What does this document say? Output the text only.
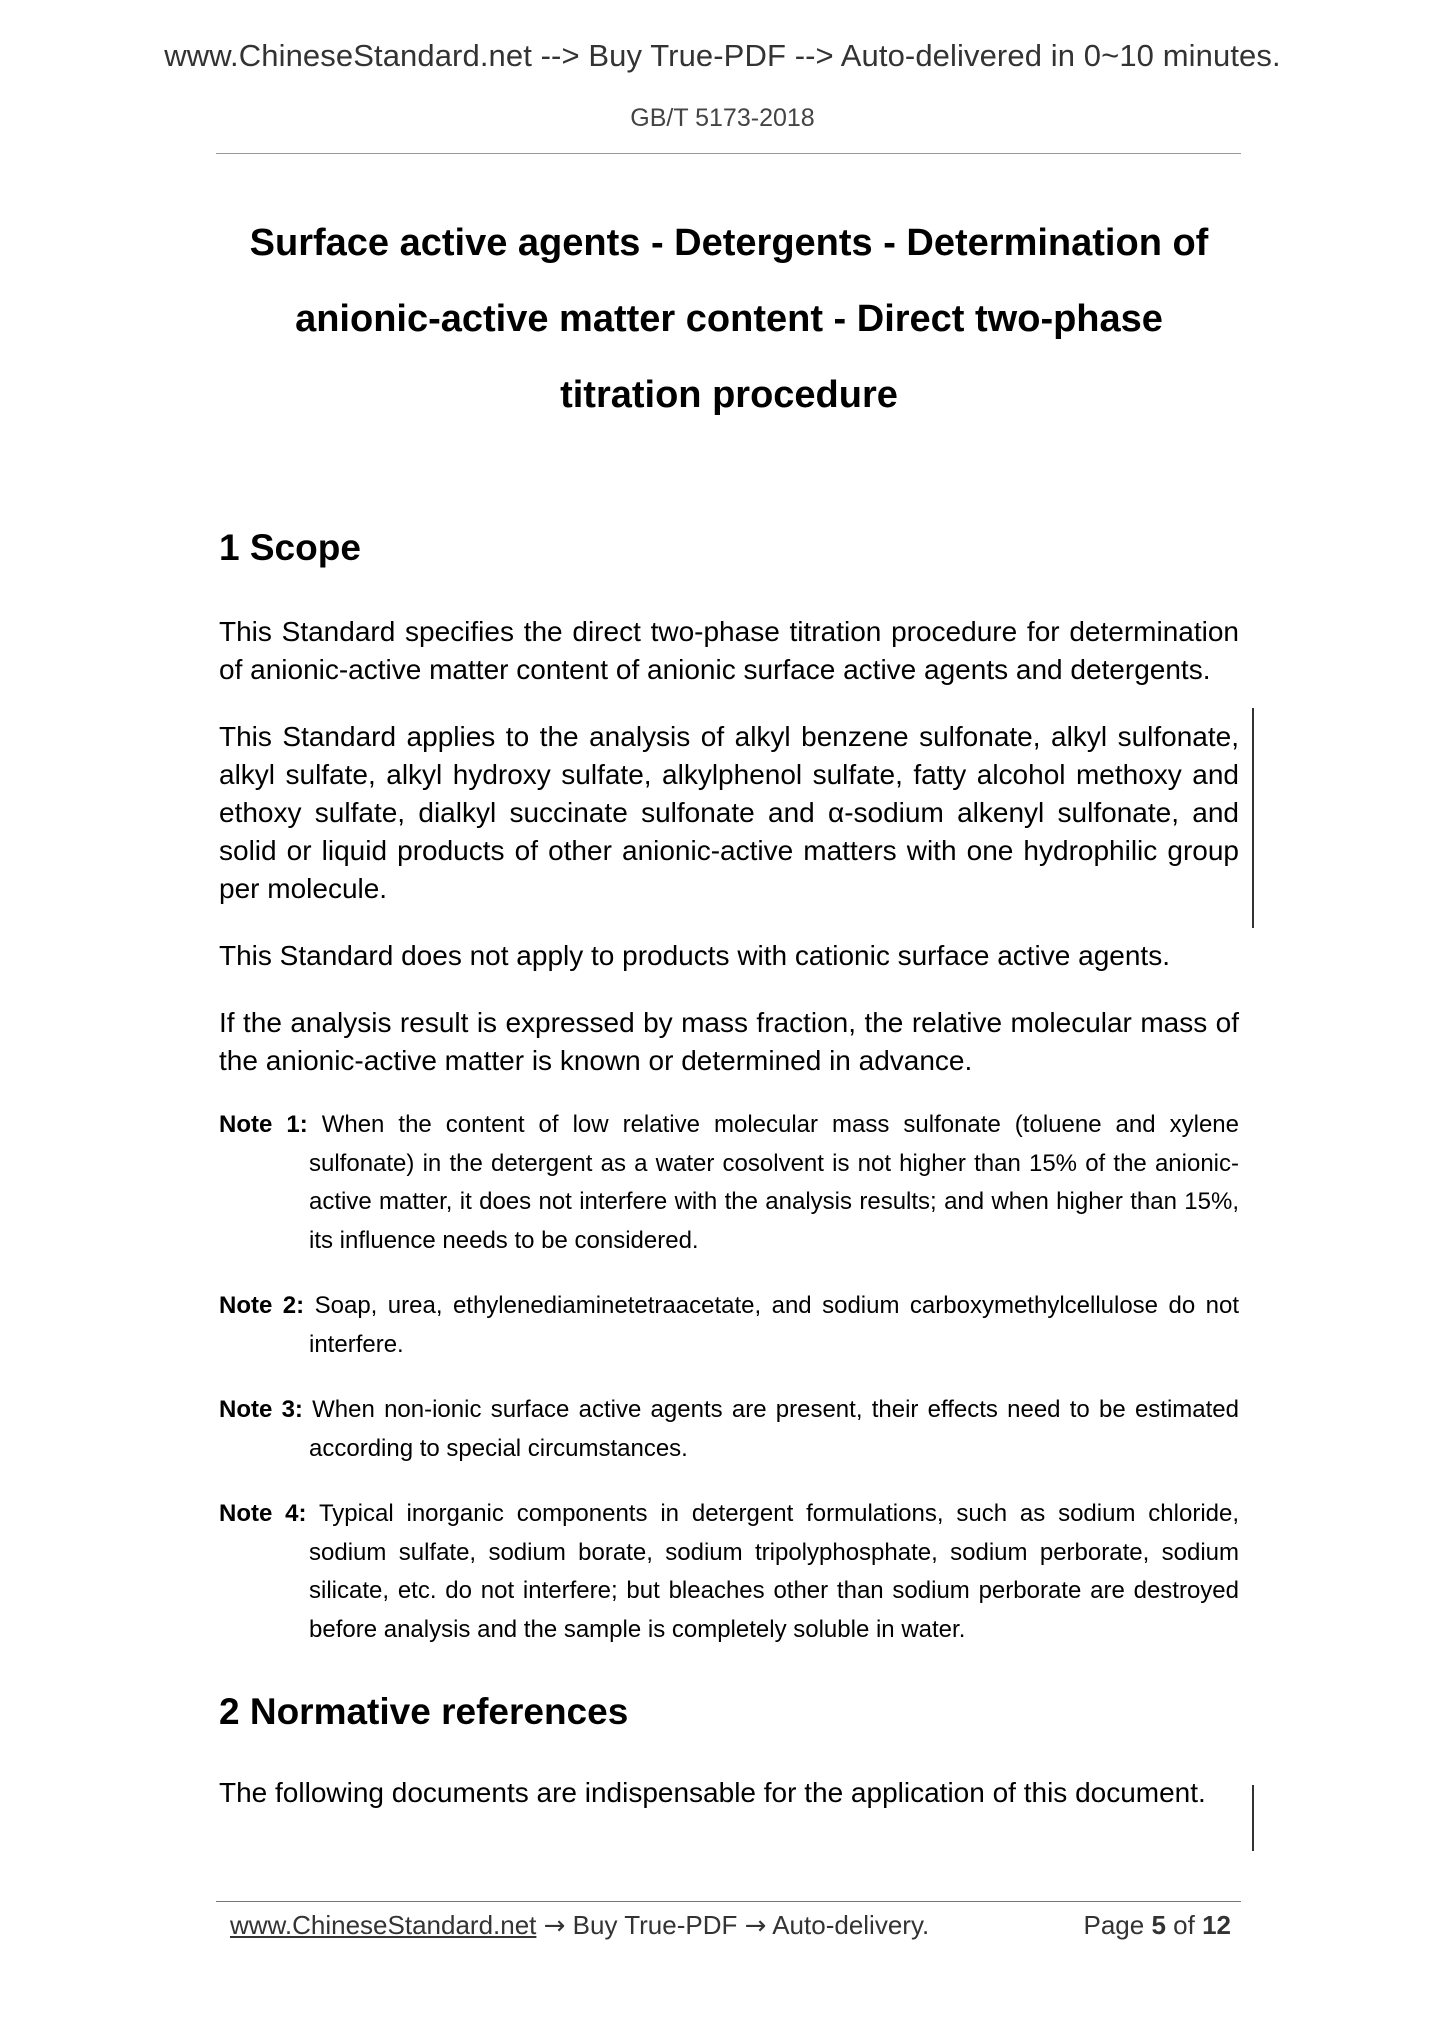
www.ChineseStandard.net --> Buy True-PDF --> Auto-delivered in 0~10 minutes.
GB/T 5173-2018
Surface active agents - Detergents - Determination of
anionic-active matter content - Direct two-phase
titration procedure
1 Scope

This Standard specifies the direct two-phase titration procedure for determination of anionic-active matter content of anionic surface active agents and detergents.

This Standard applies to the analysis of alkyl benzene sulfonate, alkyl sulfonate, alkyl sulfate, alkyl hydroxy sulfate, alkylphenol sulfate, fatty alcohol methoxy and ethoxy sulfate, dialkyl succinate sulfonate and α-sodium alkenyl sulfonate, and solid or liquid products of other anionic-active matters with one hydrophilic group per molecule.

This Standard does not apply to products with cationic surface active agents.

If the analysis result is expressed by mass fraction, the relative molecular mass of the anionic-active matter is known or determined in advance.

Note 1: When the content of low relative molecular mass sulfonate (toluene and xylene sulfonate) in the detergent as a water cosolvent is not higher than 15% of the anionic-active matter, it does not interfere with the analysis results; and when higher than 15%, its influence needs to be considered.

Note 2: Soap, urea, ethylenediaminetetraacetate, and sodium carboxymethylcellulose do not interfere.

Note 3: When non-ionic surface active agents are present, their effects need to be estimated according to special circumstances.

Note 4: Typical inorganic components in detergent formulations, such as sodium chloride, sodium sulfate, sodium borate, sodium tripolyphosphate, sodium perborate, sodium silicate, etc. do not interfere; but bleaches other than sodium perborate are destroyed before analysis and the sample is completely soluble in water.

2 Normative references

The following documents are indispensable for the application of this document.

www.ChineseStandard.net → Buy True-PDF → Auto-delivery.	Page 5 of 12
